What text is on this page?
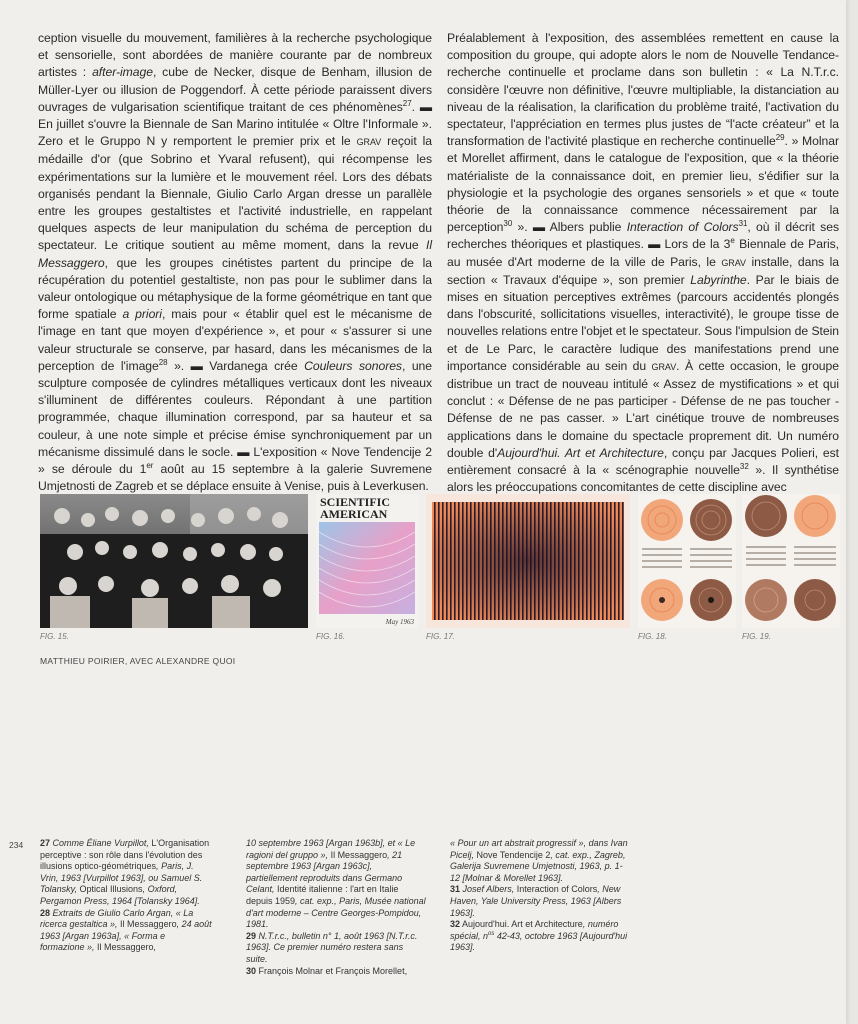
ception visuelle du mouvement, familières à la recherche psychologique et sensorielle, sont abordées de manière courante par de nombreux artistes : after-image, cube de Necker, disque de Benham, illusion de Müller-Lyer ou illusion de Poggendorf. À cette période paraissent divers ouvrages de vulgarisation scientifique traitant de ces phénomènes$^{27}$. ▬ En juillet s'ouvre la Biennale de San Marino intitulée « Oltre l'Informale ». Zero et le Gruppo N y remportent le premier prix et le GRAV reçoit la médaille d'or (que Sobrino et Yvaral refusent), qui récompense les expérimentations sur la lumière et le mouvement réel. Lors des débats organisés pendant la Biennale, Giulio Carlo Argan dresse un parallèle entre les groupes gestaltistes et l'activité industrielle, en rappelant quelques aspects de leur manipulation du schéma de perception du spectateur. Le critique soutient au même moment, dans la revue Il Messaggero, que les groupes cinétistes partent du principe de la récupération du potentiel gestaltiste, non pas pour le sublimer dans la valeur ontologique ou métaphysique de la forme géométrique en tant que forme spatiale a priori, mais pour « établir quel est le mécanisme de l'image en tant que moyen d'expérience », et pour « s'assurer si une valeur structurale se conserve, par hasard, dans les mécanismes de la perception de l'image$^{28}$ ». ▬ Vardanega crée Couleurs sonores, une sculpture composée de cylindres métalliques verticaux dont les niveaux s'illuminent de différentes couleurs. Répondant à une partition programmée, chaque illumination correspond, par sa hauteur et sa couleur, à une note simple et précise émise synchroniquement par un mécanisme dissimulé dans le socle. ▬ L'exposition « Nove Tendencije 2 » se déroule du 1er août au 15 septembre à la galerie Suvremene Umjetnosti de Zagreb et se déplace ensuite à Venise, puis à Leverkusen.

Préalablement à l'exposition, des assemblées remettent en cause la composition du groupe, qui adopte alors le nom de Nouvelle Tendance-recherche continuelle et proclame dans son bulletin : « La N.T.r.c. considère l'œuvre non définitive, l'œuvre multipliable, la distanciation au niveau de la réalisation, la clarification du problème traité, l'activation du spectateur, l'appréciation en termes plus justes de “l'acte créateur” et la transformation de l'activité plastique en recherche continuelle$^{29}$. » Molnar et Morellet affirment, dans le catalogue de l'exposition, que « la théorie matérialiste de la connaissance doit, en premier lieu, s'édifier sur la physiologie et la psychologie des organes sensoriels » et que « toute théorie de la connaissance commence nécessairement par la perception$^{30}$ ». ▬ Albers publie Interaction of Colors$^{31}$, où il décrit ses recherches théoriques et plastiques. ▬ Lors de la 3e Biennale de Paris, au musée d'Art moderne de la ville de Paris, le GRAV installe, dans la section « Travaux d'équipe », son premier Labyrinthe. Par le biais de mises en situation perceptives extrêmes (parcours accidentés plongés dans l'obscurité, sollicitations visuelles, interactivité), le groupe tisse de nouvelles relations entre l'objet et le spectateur. Sous l'impulsion de Stein et de Le Parc, le caractère ludique des manifestations prend une importance considérable au sein du GRAV. À cette occasion, le groupe distribue un tract de nouveau intitulé « Assez de mystifications » et qui conclut : « Défense de ne pas participer - Défense de ne pas toucher - Défense de ne pas casser. » L'art cinétique trouve de nombreuses applications dans le domaine du spectacle proprement dit. Un numéro double d'Aujourd'hui. Art et Architecture, conçu par Jacques Polieri, est entièrement consacré à la « scénographie nouvelle$^{32}$ ». Il synthétise alors les préoccupations concomitantes de cette discipline avec

FIG. 15.
SCIENTIFIC
AMERICAN
May 1963
FIG. 16.	FIG. 17.	FIG. 18.	FIG. 19.
MATTHIEU POIRIER, AVEC ALEXANDRE QUOI
234 27 Comme Éliane Vurpillot, L'Organisation perceptive : son rôle dans l'évolution des illusions optico-géométriques, Paris, J. Vrin, 1963 [Vurpillot 1963], ou Samuel S. Tolansky, Optical Illusions, Oxford, Pergamon Press, 1964 [Tolansky 1964].

28 Extraits de Giulio Carlo Argan, « La ricerca gestaltica », Il Messaggero, 24 août 1963 [Argan 1963a], « Forma e formazione », Il Messaggero,

10 septembre 1963 [Argan 1963b], et « Le ragioni del gruppo », Il Messaggero, 21 septembre 1963 [Argan 1963c], partiellement reproduits dans Germano Celant, Identité italienne : l'art en Italie depuis 1959, cat. exp., Paris, Musée national d'art moderne – Centre Georges-Pompidou, 1981.

29 N.T.r.c., bulletin n° 1, août 1963 [N.T.r.c. 1963]. Ce premier numéro restera sans suite.

30 François Molnar et François Morellet,

« Pour un art abstrait progressif », dans Ivan Picelj, Nove Tendencije 2, cat. exp., Zagreb, Galerija Suvremene Umjetnosti, 1963, p. 1-12 [Molnar & Morellet 1963].

31 Josef Albers, Interaction of Colors, New Haven, Yale University Press, 1963 [Albers 1963].

32 Aujourd'hui. Art et Architecture, numéro spécial, $n^{os}$ 42-43, octobre 1963 [Aujourd'hui 1963].
